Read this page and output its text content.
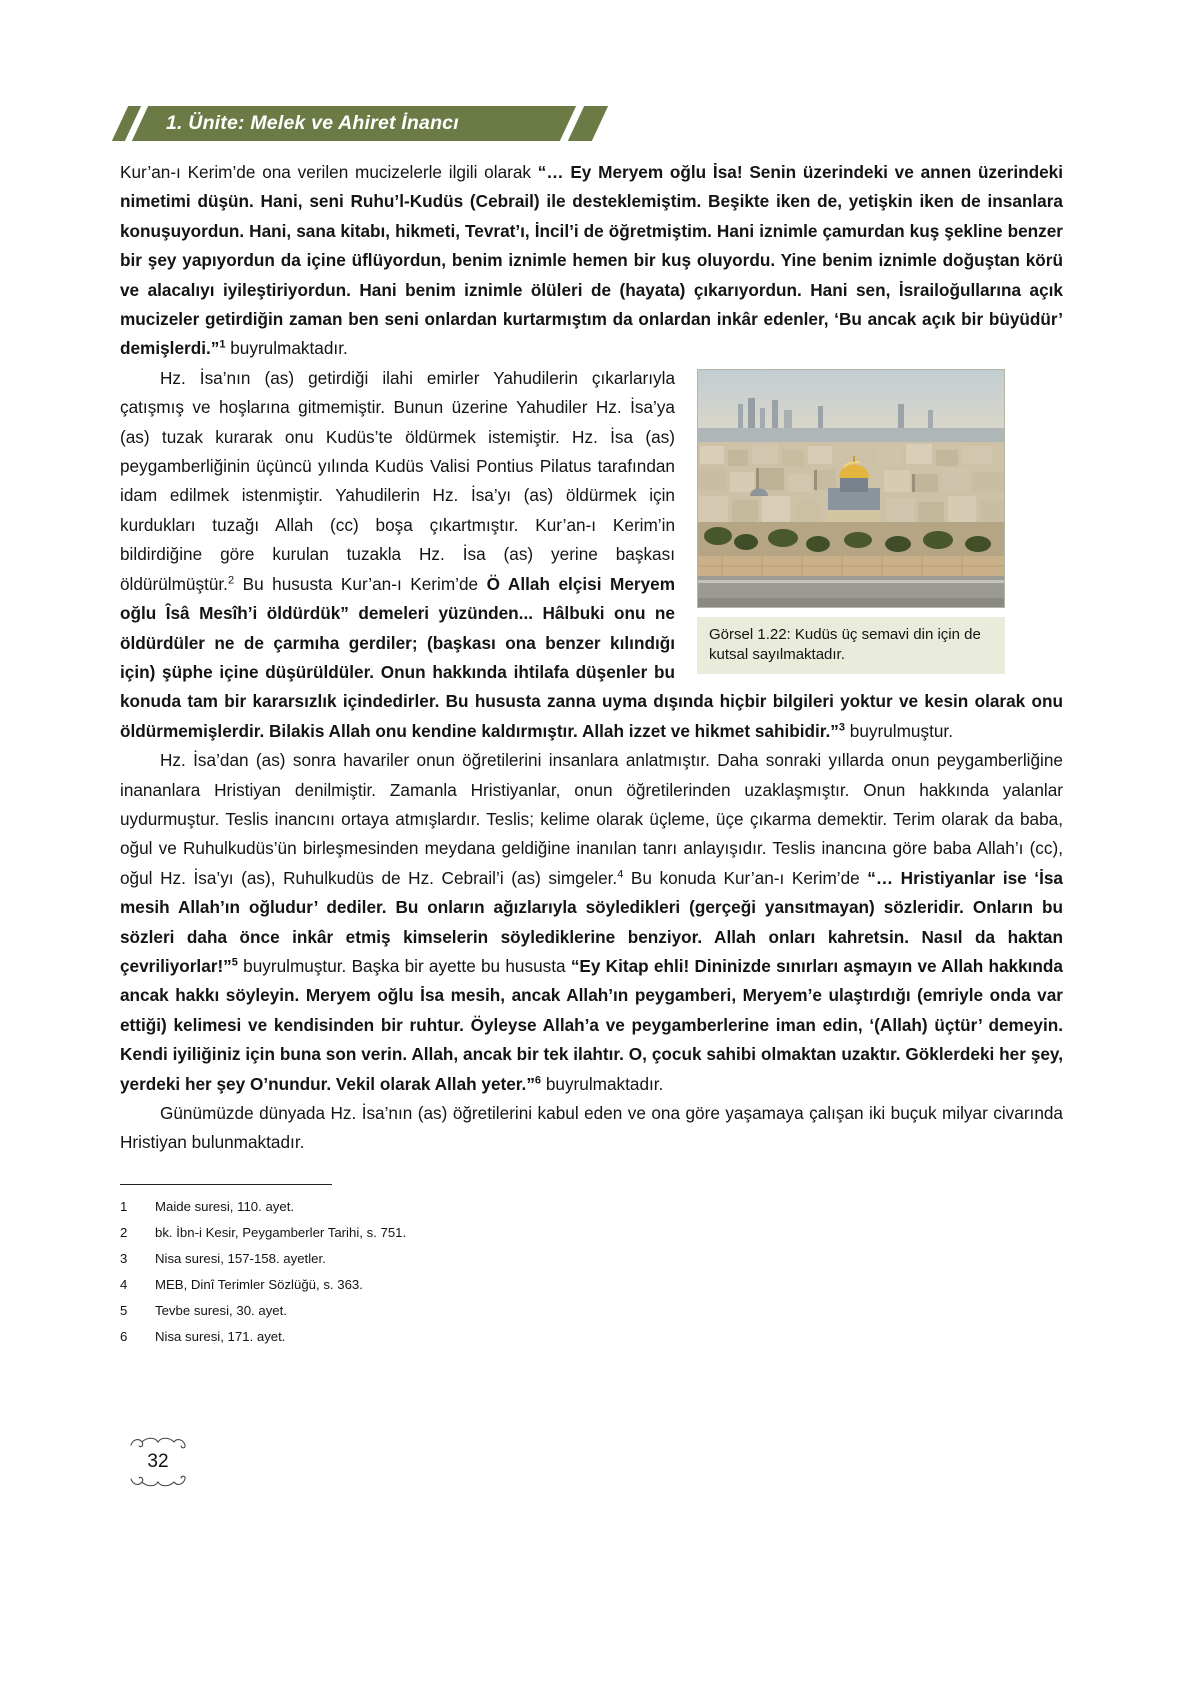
1. Ünite: Melek ve Ahiret İnancı

Kur’an-ı Kerim’de ona verilen mucizelerle ilgili olarak “… Ey Meryem oğlu İsa! Senin üzerindeki ve annen üzerindeki nimetimi düşün. Hani, seni Ruhu’l-Kudüs (Cebrail) ile desteklemiştim. Beşikte iken de, yetişkin iken de insanlara konuşuyordun. Hani, sana kitabı, hikmeti, Tevrat’ı, İncil’i de öğretmiştim. Hani iznimle çamurdan kuş şekline benzer bir şey yapıyordun da içine üflüyordun, benim iznimle hemen bir kuş oluyordu. Yine benim iznimle doğuştan körü ve alacalıyı iyileştiriyordun. Hani benim iznimle ölüleri de (hayata) çıkarıyordun. Hani sen, İsrailoğullarına açık mucizeler getirdiğin zaman ben seni onlardan kurtarmıştım da onlardan inkâr edenler, ‘Bu ancak açık bir büyüdür’ demişlerdi.”$^1$ buyrulmaktadır.

Görsel 1.22: Kudüs üç semavi din için de kutsal sayılmaktadır.

Hz. İsa’nın (as) getirdiği ilahi emirler Yahudilerin çıkarlarıyla çatışmış ve hoşlarına gitmemiştir. Bunun üzerine Yahudiler Hz. İsa’ya (as) tuzak kurarak onu Kudüs’te öldürmek istemiştir. Hz. İsa (as) peygamberliğinin üçüncü yılında Kudüs Valisi Pontius Pilatus tarafından idam edilmek istenmiştir. Yahudilerin Hz. İsa’yı (as) öldürmek için kurdukları tuzağı Allah (cc) boşa çıkartmıştır. Kur’an-ı Kerim’in bildirdiğine göre kurulan tuzakla Hz. İsa (as) yerine başkası öldürülmüştür.$^2$ Bu hususta Kur’an-ı Kerim’de Ö Allah elçisi Meryem oğlu Îsâ Mesîh’i öldürdük” demeleri yüzünden... Hâlbuki onu ne öldürdüler ne de çarmıha gerdiler; (başkası ona benzer kılındığı için) şüphe içine düşürüldüler. Onun hakkında ihtilafa düşenler bu konuda tam bir kararsızlık içindedirler. Bu hususta zanna uyma dışında hiçbir bilgileri yoktur ve kesin olarak onu öldürmemişlerdir. Bilakis Allah onu kendine kaldırmıştır. Allah izzet ve hikmet sahibidir.”$^3$ buyrulmuştur.

Hz. İsa’dan (as) sonra havariler onun öğretilerini insanlara anlatmıştır. Daha sonraki yıllarda onun peygamberliğine inananlara Hristiyan denilmiştir. Zamanla Hristiyanlar, onun öğretilerinden uzaklaşmıştır. Onun hakkında yalanlar uydurmuştur. Teslis inancını ortaya atmışlardır. Teslis; kelime olarak üçleme, üçe çıkarma demektir. Terim olarak da baba, oğul ve Ruhulkudüs’ün birleşmesinden meydana geldiğine inanılan tanrı anlayışıdır. Teslis inancına göre baba Allah’ı (cc), oğul Hz. İsa’yı (as), Ruhulkudüs de Hz. Cebrail’i (as) simgeler.$^4$ Bu konuda Kur’an-ı Kerim’de “… Hristiyanlar ise ‘İsa mesih Allah’ın oğludur’ dediler. Bu onların ağızlarıyla söyledikleri (gerçeği yansıtmayan) sözleridir. Onların bu sözleri daha önce inkâr etmiş kimselerin söylediklerine benziyor. Allah onları kahretsin. Nasıl da haktan çevriliyorlar!”$^5$ buyrulmuştur. Başka bir ayette bu hususta “Ey Kitap ehli! Dininizde sınırları aşmayın ve Allah hakkında ancak hakkı söyleyin. Meryem oğlu İsa mesih, ancak Allah’ın peygamberi, Meryem’e ulaştırdığı (emriyle onda var ettiği) kelimesi ve kendisinden bir ruhtur. Öyleyse Allah’a ve peygamberlerine iman edin, ‘(Allah) üçtür’ demeyin. Kendi iyiliğiniz için buna son verin. Allah, ancak bir tek ilahtır. O, çocuk sahibi olmaktan uzaktır. Göklerdeki her şey, yerdeki her şey O’nundur. Vekil olarak Allah yeter.”$^6$ buyrulmaktadır.

Günümüzde dünyada Hz. İsa’nın (as) öğretilerini kabul eden ve ona göre yaşamaya çalışan iki buçuk milyar civarında Hristiyan bulunmaktadır.

1	Maide suresi, 110. ayet.
2	bk. İbn-i Kesir, Peygamberler Tarihi, s. 751.
3	Nisa suresi, 157-158. ayetler.
4	MEB, Dinî Terimler Sözlüğü, s. 363.
5	Tevbe suresi, 30. ayet.
6	Nisa suresi, 171. ayet.
32
